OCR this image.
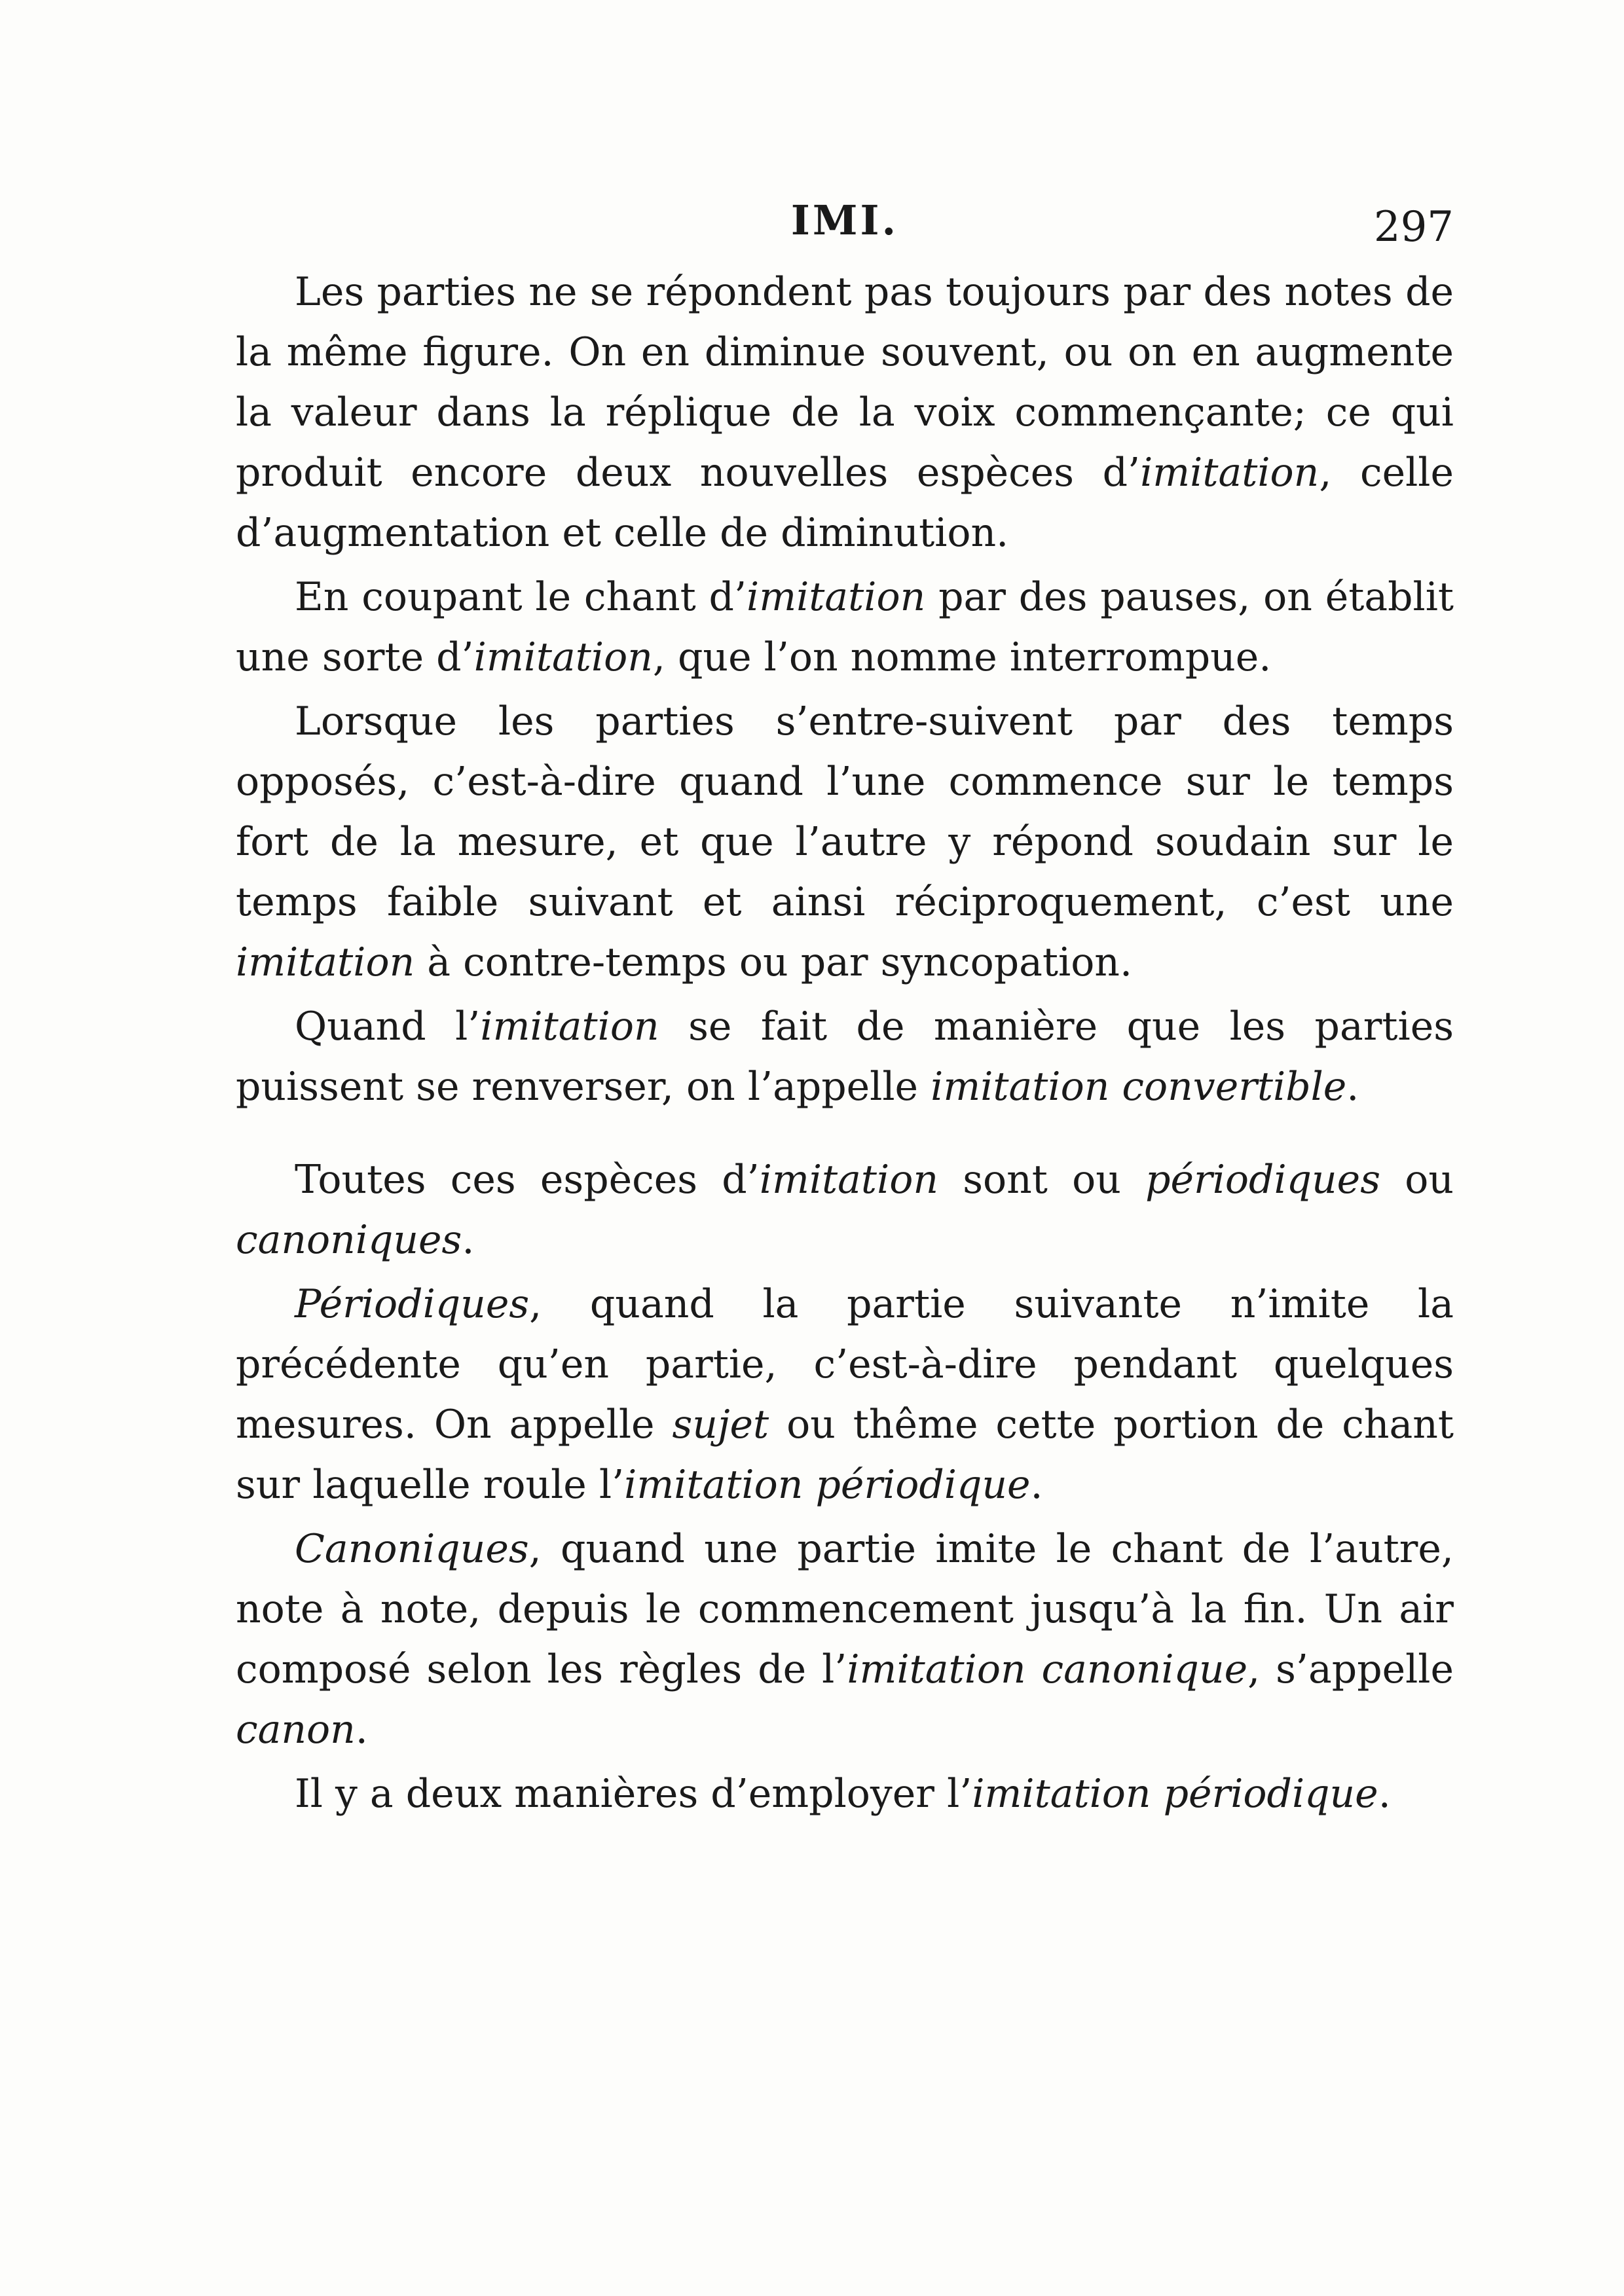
IMI.	297

Les parties ne se répondent pas toujours par des notes de la même figure. On en diminue souvent, ou on en augmente la valeur dans la réplique de la voix commençante; ce qui produit encore deux nouvelles espèces d’imitation, celle d’augmentation et celle de diminution.

En coupant le chant d’imitation par des pauses, on établit une sorte d’imitation, que l’on nomme interrompue.

Lorsque les parties s’entre-suivent par des temps opposés, c’est-à-dire quand l’une commence sur le temps fort de la mesure, et que l’autre y répond soudain sur le temps faible suivant et ainsi réciproquement, c’est une imitation à contre-temps ou par syncopation.

Quand l’imitation se fait de manière que les parties puissent se renverser, on l’appelle imitation convertible.

Toutes ces espèces d’imitation sont ou périodiques ou canoniques.

Périodiques, quand la partie suivante n’imite la précédente qu’en partie, c’est-à-dire pendant quelques mesures. On appelle sujet ou thême cette portion de chant sur laquelle roule l’imitation périodique.

Canoniques, quand une partie imite le chant de l’autre, note à note, depuis le commencement jusqu’à la fin. Un air composé selon les règles de l’imitation canonique, s’appelle canon.

Il y a deux manières d’employer l’imitation périodique.
